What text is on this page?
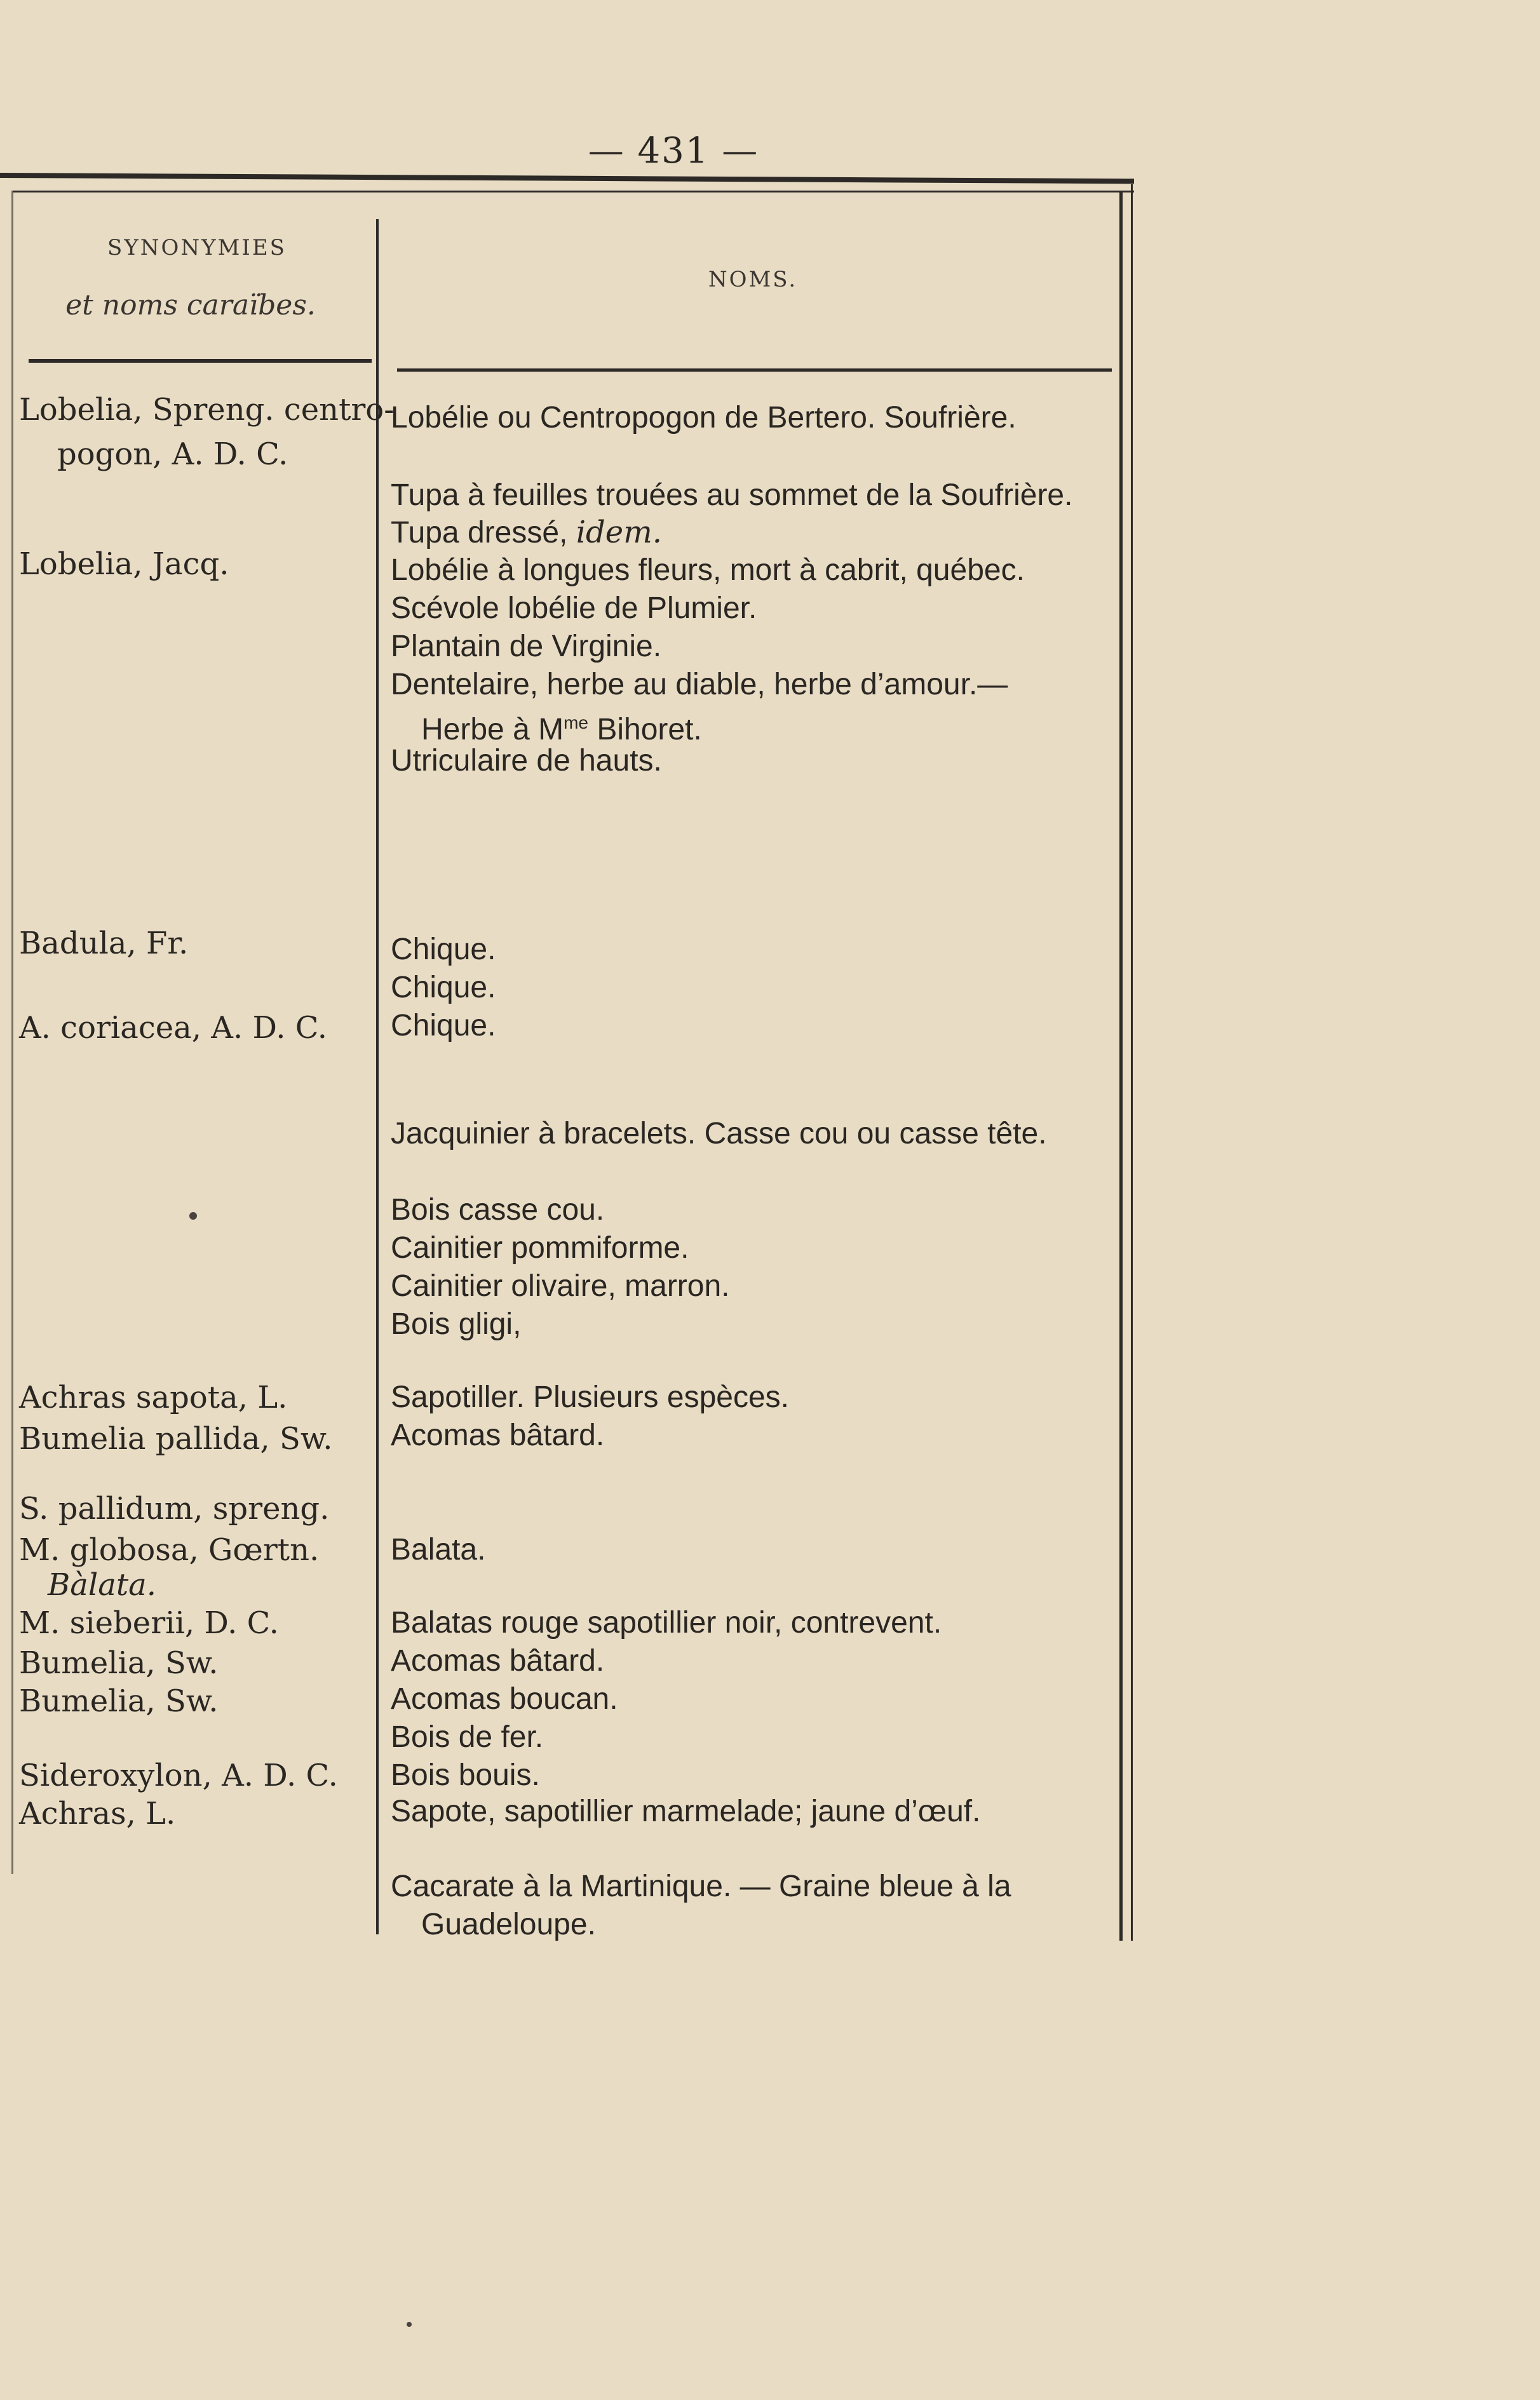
— 431 —
SYNONYMIES
et noms caraïbes.
NOMS.
Lobelia, Spreng. centro-
pogon, A. D. C.
Lobelia, Jacq.
Badula, Fr.
A. coriacea, A. D. C.
Achras sapota, L.
Bumelia pallida, Sw.
S. pallidum, spreng.
M. globosa, Gœrtn.
Bàlata.
M. sieberii, D. C.
Bumelia, Sw.
Bumelia, Sw.
Sideroxylon, A. D. C.
Achras, L.
Lobélie ou Centropogon de Bertero. Soufrière.
Tupa à feuilles trouées au sommet de la Soufrière.
Tupa dressé, idem.
Lobélie à longues fleurs, mort à cabrit, québec.
Scévole lobélie de Plumier.
Plantain de Virginie.
Dentelaire, herbe au diable, herbe d’amour.—
Herbe à $M^{me}$ Bihoret.
Utriculaire de hauts.
Chique.
Chique.
Chique.
Jacquinier à bracelets. Casse cou ou casse tête.
Bois casse cou.
Cainitier pommiforme.
Cainitier olivaire, marron.
Bois gligi,
Sapotiller. Plusieurs espèces.
Acomas bâtard.
Balata.
Balatas rouge sapotillier noir, contrevent.
Acomas bâtard.
Acomas boucan.
Bois de fer.
Bois bouis.
Sapote, sapotillier marmelade; jaune d’œuf.
Cacarate à la Martinique. — Graine bleue à la
Guadeloupe.
